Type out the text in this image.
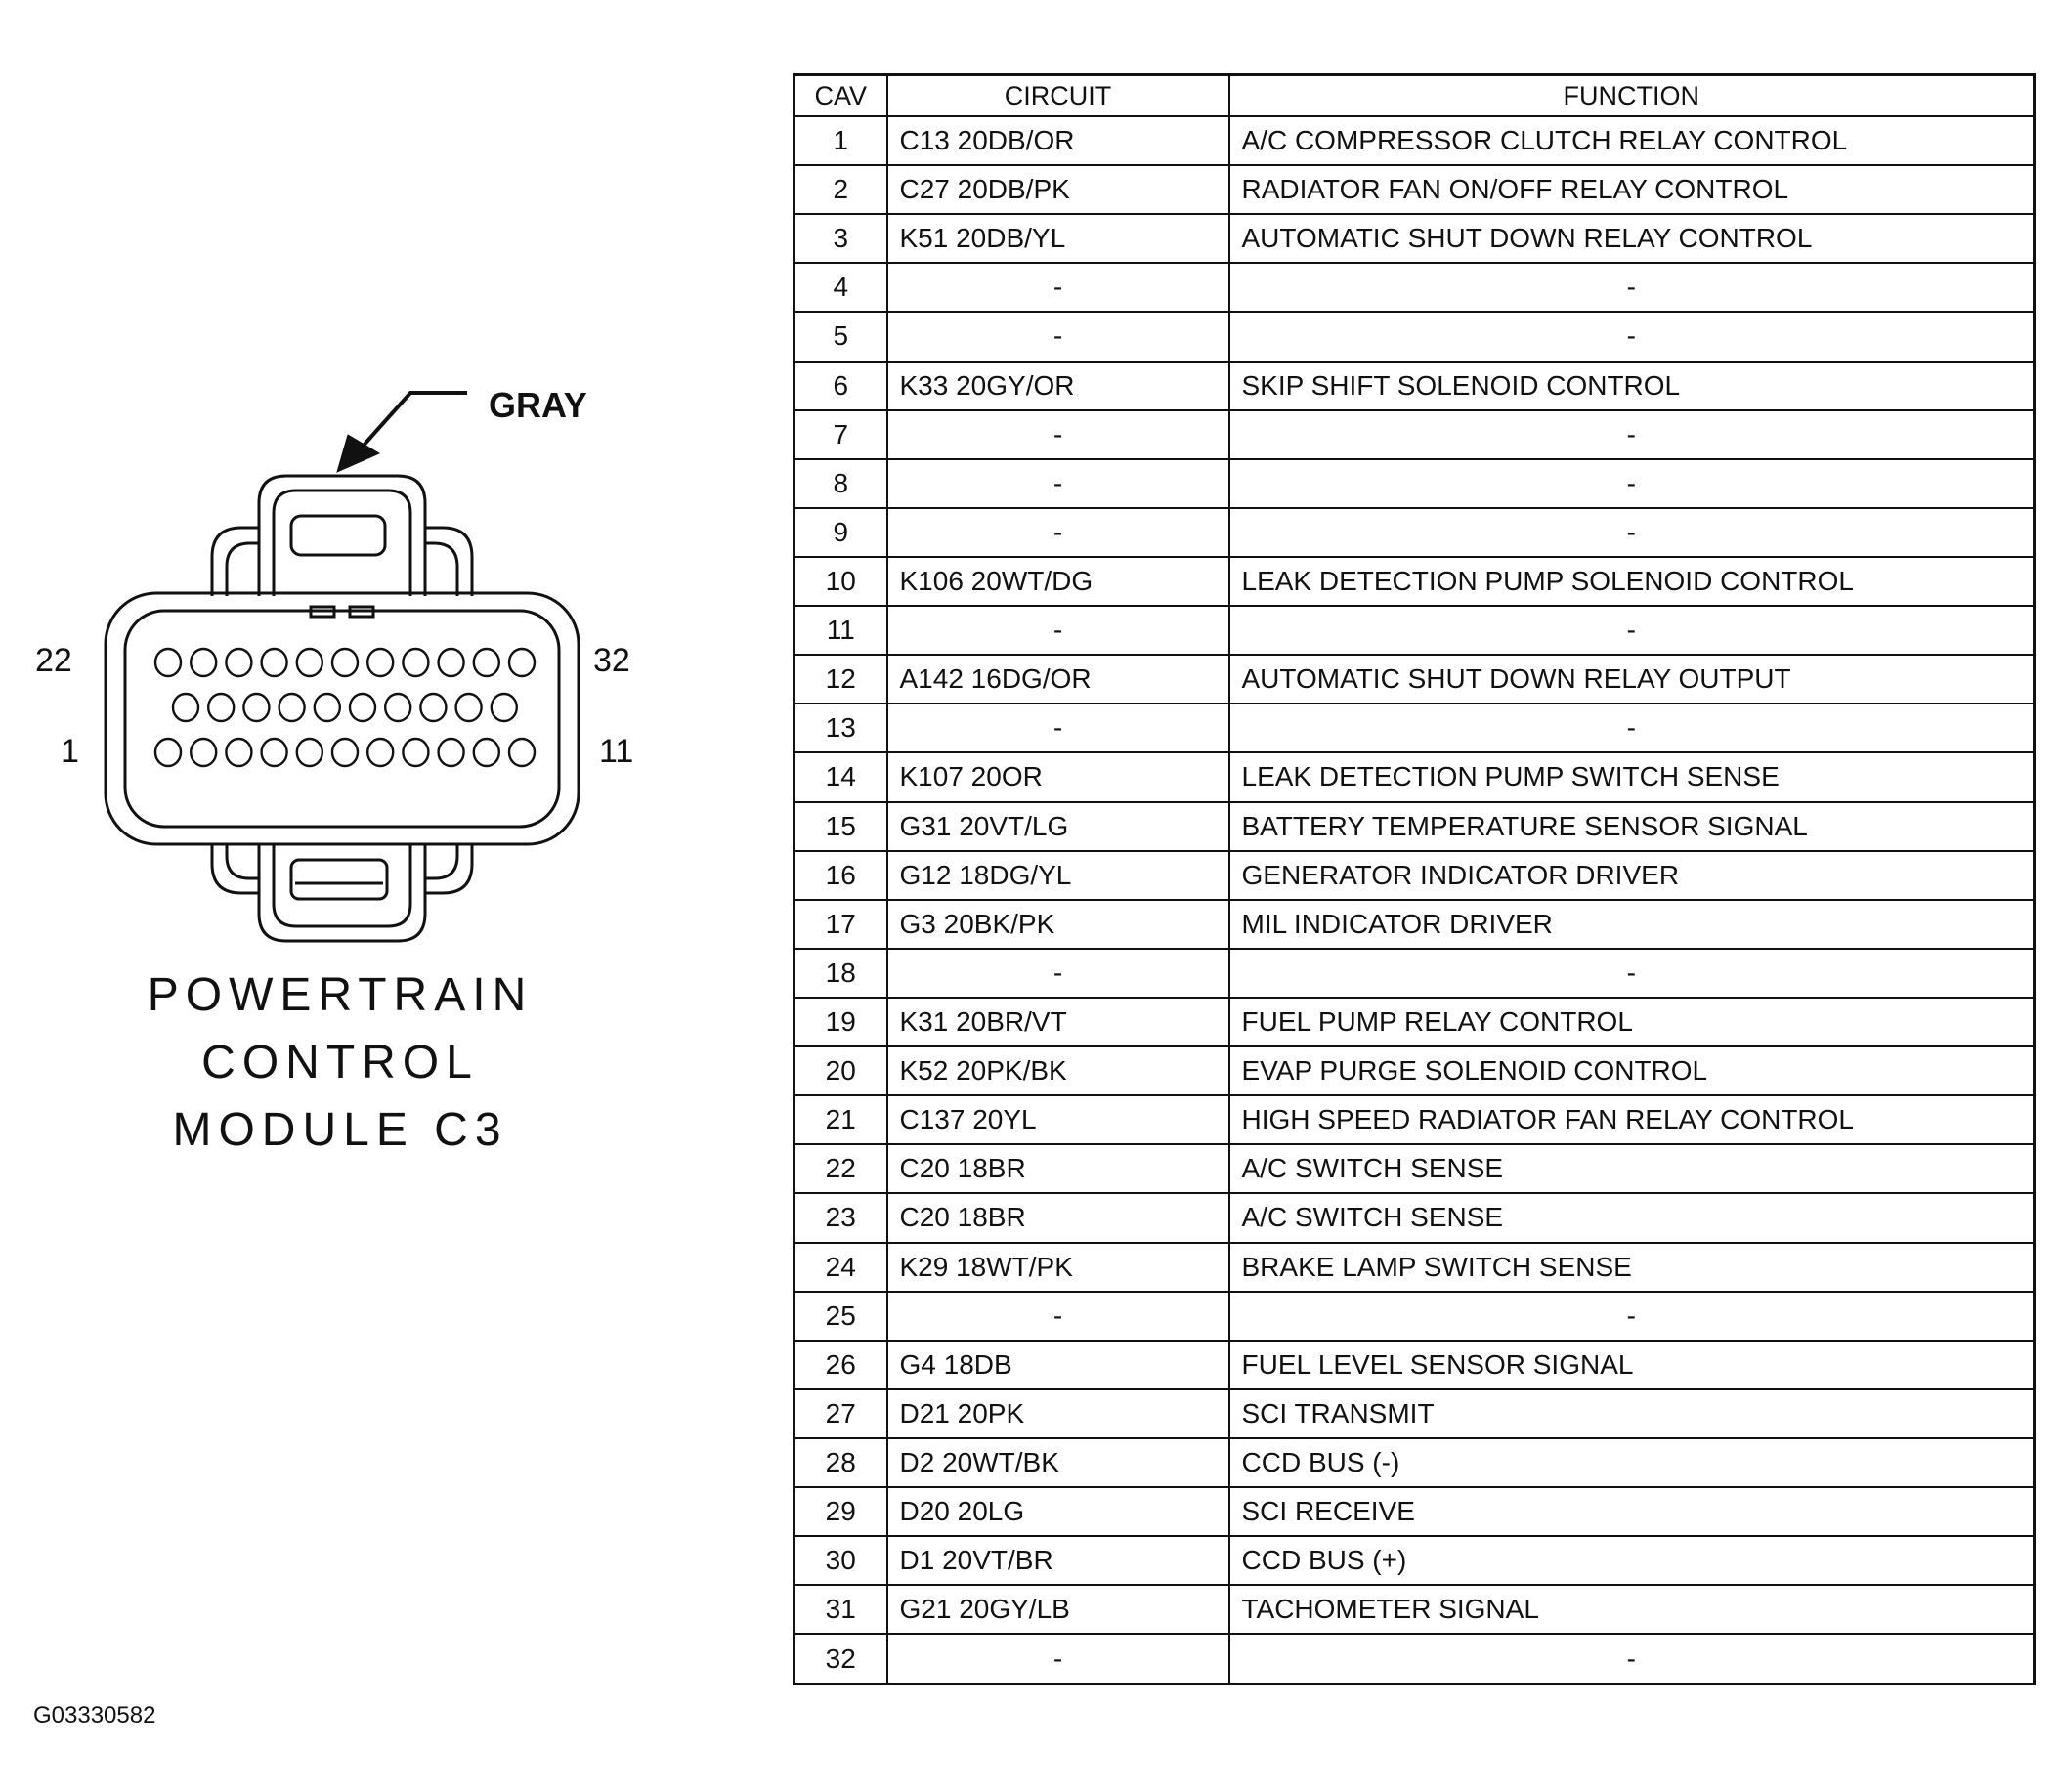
GRAY
22	32
1	11
POWERTRAIN
CONTROL
MODULE C3
G03330582
CAV	CIRCUIT	FUNCTION
1	C13 20DB/OR	A/C COMPRESSOR CLUTCH RELAY CONTROL
2	C27 20DB/PK	RADIATOR FAN ON/OFF RELAY CONTROL
3	K51 20DB/YL	AUTOMATIC SHUT DOWN RELAY CONTROL
4	-	-
5	-	-
6	K33 20GY/OR	SKIP SHIFT SOLENOID CONTROL
7	-	-
8	-	-
9	-	-
10	K106 20WT/DG	LEAK DETECTION PUMP SOLENOID CONTROL
11	-	-
12	A142 16DG/OR	AUTOMATIC SHUT DOWN RELAY OUTPUT
13	-	-
14	K107 20OR	LEAK DETECTION PUMP SWITCH SENSE
15	G31 20VT/LG	BATTERY TEMPERATURE SENSOR SIGNAL
16	G12 18DG/YL	GENERATOR INDICATOR DRIVER
17	G3 20BK/PK	MIL INDICATOR DRIVER
18	-	-
19	K31 20BR/VT	FUEL PUMP RELAY CONTROL
20	K52 20PK/BK	EVAP PURGE SOLENOID CONTROL
21	C137 20YL	HIGH SPEED RADIATOR FAN RELAY CONTROL
22	C20 18BR	A/C SWITCH SENSE
23	C20 18BR	A/C SWITCH SENSE
24	K29 18WT/PK	BRAKE LAMP SWITCH SENSE
25	-	-
26	G4 18DB	FUEL LEVEL SENSOR SIGNAL
27	D21 20PK	SCI TRANSMIT
28	D2 20WT/BK	CCD BUS (-)
29	D20 20LG	SCI RECEIVE
30	D1 20VT/BR	CCD BUS (+)
31	G21 20GY/LB	TACHOMETER SIGNAL
32	-	-
